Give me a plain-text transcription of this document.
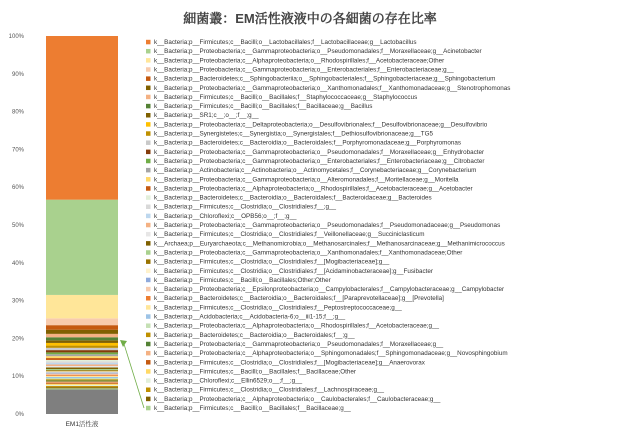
細菌叢：EM活性液液中の各細菌の存在比率
0%
10%
20%
30%
40%
50%
60%
70%
80%
90%
100%
EM1活性液
k__Bacteria;p__Firmicutes;c__Bacilli;o__Lactobacillales;f__Lactobacillaceae;g__Lactobacillus
k__Bacteria;p__Proteobacteria;c__Gammaproteobacteria;o__Pseudomonadales;f__Moraxellaceae;g__Acinetobacter
k__Bacteria;p__Proteobacteria;c__Alphaproteobacteria;o__Rhodospirillales;f__Acetobacteraceae;Other
k__Bacteria;p__Proteobacteria;c__Gammaproteobacteria;o__Enterobacteriales;f__Enterobacteriaceae;g__
k__Bacteria;p__Bacteroidetes;c__Sphingobacteriia;o__Sphingobacteriales;f__Sphingobacteriaceae;g__Sphingobacterium
k__Bacteria;p__Proteobacteria;c__Gammaproteobacteria;o__Xanthomonadales;f__Xanthomonadaceae;g__Stenotrophomonas
k__Bacteria;p__Firmicutes;c__Bacilli;o__Bacillales;f__Staphylococcaceae;g__Staphylococcus
k__Bacteria;p__Firmicutes;c__Bacilli;o__Bacillales;f__Bacillaceae;g__Bacillus
k__Bacteria;p__SR1;c__;o__;f__;g__
k__Bacteria;p__Proteobacteria;c__Deltaproteobacteria;o__Desulfovibrionales;f__Desulfovibrionaceae;g__Desulfovibrio
k__Bacteria;p__Synergistetes;c__Synergistia;o__Synergistales;f__Dethiosulfovibrionaceae;g__TG5
k__Bacteria;p__Bacteroidetes;c__Bacteroidia;o__Bacteroidales;f__Porphyromonadaceae;g__Porphyromonas
k__Bacteria;p__Proteobacteria;c__Gammaproteobacteria;o__Pseudomonadales;f__Moraxellaceae;g__Enhydrobacter
k__Bacteria;p__Proteobacteria;c__Gammaproteobacteria;o__Enterobacteriales;f__Enterobacteriaceae;g__Citrobacter
k__Bacteria;p__Actinobacteria;c__Actinobacteria;o__Actinomycetales;f__Corynebacteriaceae;g__Corynebacterium
k__Bacteria;p__Proteobacteria;c__Gammaproteobacteria;o__Alteromonadales;f__Moritellaceae;g__Moritella
k__Bacteria;p__Proteobacteria;c__Alphaproteobacteria;o__Rhodospirillales;f__Acetobacteraceae;g__Acetobacter
k__Bacteria;p__Bacteroidetes;c__Bacteroidia;o__Bacteroidales;f__Bacteroidaceae;g__Bacteroides
k__Bacteria;p__Firmicutes;c__Clostridia;o__Clostridiales;f__;g__
k__Bacteria;p__Chloroflexi;c__OPB56;o__;f__;g__
k__Bacteria;p__Proteobacteria;c__Gammaproteobacteria;o__Pseudomonadales;f__Pseudomonadaceae;g__Pseudomonas
k__Bacteria;p__Firmicutes;c__Clostridia;o__Clostridiales;f__Veillonellaceae;g__Succiniclasticum
k__Archaea;p__Euryarchaeota;c__Methanomicrobia;o__Methanosarcinales;f__Methanosarcinaceae;g__Methanimicrococcus
k__Bacteria;p__Proteobacteria;c__Gammaproteobacteria;o__Xanthomonadales;f__Xanthomonadaceae;Other
k__Bacteria;p__Firmicutes;c__Clostridia;o__Clostridiales;f__[Mogibacteriaceae];g__
k__Bacteria;p__Firmicutes;c__Clostridia;o__Clostridiales;f__[Acidaminobacteraceae];g__Fusibacter
k__Bacteria;p__Firmicutes;c__Bacilli;o__Bacillales;Other;Other
k__Bacteria;p__Proteobacteria;c__Epsilonproteobacteria;o__Campylobacterales;f__Campylobacteraceae;g__Campylobacter
k__Bacteria;p__Bacteroidetes;c__Bacteroidia;o__Bacteroidales;f__[Paraprevotellaceae];g__[Prevotella]
k__Bacteria;p__Firmicutes;c__Clostridia;o__Clostridiales;f__Peptostreptococcaceae;g__
k__Bacteria;p__Acidobacteria;c__Acidobacteria-6;o__iii1-15;f__;g__
k__Bacteria;p__Proteobacteria;c__Alphaproteobacteria;o__Rhodospirillales;f__Acetobacteraceae;g__
k__Bacteria;p__Bacteroidetes;c__Bacteroidia;o__Bacteroidales;f__;g__
k__Bacteria;p__Proteobacteria;c__Gammaproteobacteria;o__Pseudomonadales;f__Moraxellaceae;g__
k__Bacteria;p__Proteobacteria;c__Alphaproteobacteria;o__Sphingomonadales;f__Sphingomonadaceae;g__Novosphingobium
k__Bacteria;p__Firmicutes;c__Clostridia;o__Clostridiales;f__[Mogibacteriaceae];g__Anaerovorax
k__Bacteria;p__Firmicutes;c__Bacilli;o__Bacillales;f__Bacillaceae;Other
k__Bacteria;p__Chloroflexi;c__Ellin6529;o__;f__;g__
k__Bacteria;p__Firmicutes;c__Clostridia;o__Clostridiales;f__Lachnospiraceae;g__
k__Bacteria;p__Proteobacteria;c__Alphaproteobacteria;o__Caulobacterales;f__Caulobacteraceae;g__
k__Bacteria;p__Firmicutes;c__Bacilli;o__Bacillales;f__Bacillaceae;g__
